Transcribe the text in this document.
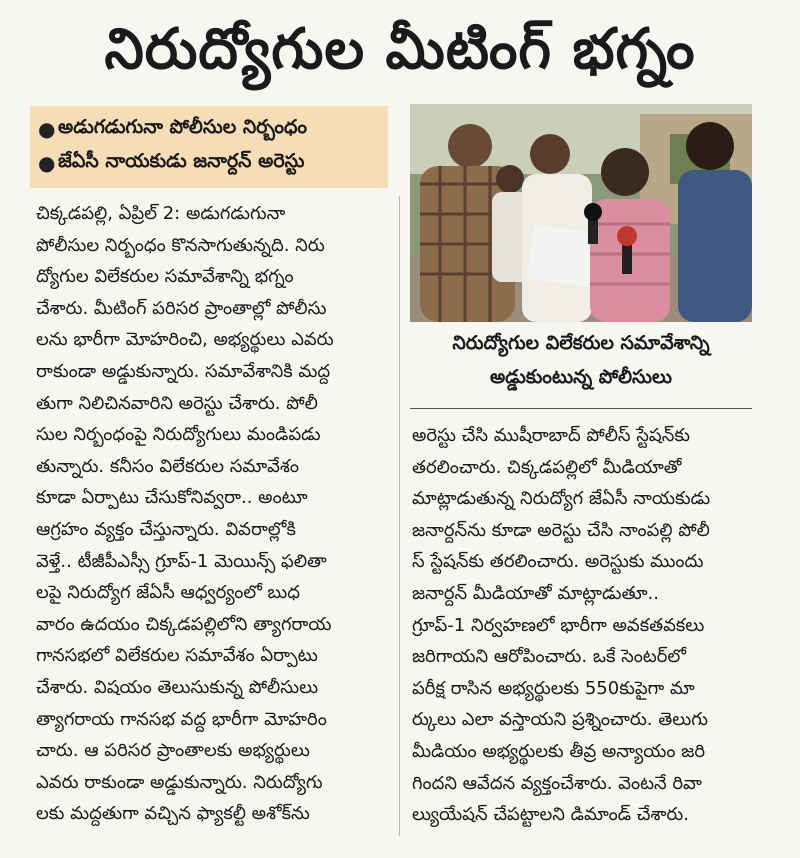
నిరుద్యోగుల మీటింగ్ భగ్నం
● అడుగడుగునా పోలీసుల నిర్బంధం
● జేఏసీ నాయకుడు జనార్దన్ అరెస్టు
నిరుద్యోగుల విలేకరుల సమావేశాన్ని
అడ్డుకుంటున్న పోలీసులు
చిక్కడపల్లి, ఏప్రిల్ 2: అడుగడుగునా
పోలీసుల నిర్బంధం కొనసాగుతున్నది. నిరు
ద్యోగుల విలేకరుల సమావేశాన్ని భగ్నం
చేశారు. మీటింగ్ పరిసర ప్రాంతాల్లో పోలీసు
లను భారీగా మోహరించి, అభ్యర్థులు ఎవరు
రాకుండా అడ్డుకున్నారు. సమావేశానికి మద్ద
తుగా నిలిచినవారిని అరెస్టు చేశారు. పోలీ
సుల నిర్బంధంపై నిరుద్యోగులు మండిపడు
తున్నారు. కనీసం విలేకరుల సమావేశం
కూడా ఏర్పాటు చేసుకోనివ్వరా.. అంటూ
ఆగ్రహం వ్యక్తం చేస్తున్నారు. వివరాల్లోకి
వెళ్తే.. టీజీపీఎస్సీ గ్రూప్-1 మెయిన్స్ ఫలితా
లపై నిరుద్యోగ జేఏసీ ఆధ్వర్యంలో బుధ
వారం ఉదయం చిక్కడపల్లిలోని త్యాగరాయ
గానసభలో విలేకరుల సమావేశం ఏర్పాటు
చేశారు. విషయం తెలుసుకున్న పోలీసులు
త్యాగరాయ గానసభ వద్ద భారీగా మోహరిం
చారు. ఆ పరిసర ప్రాంతాలకు అభ్యర్థులు
ఎవరు రాకుండా అడ్డుకున్నారు. నిరుద్యోగు
లకు మద్దతుగా వచ్చిన ఫ్యాకల్టీ అశోక్‌ను
అరెస్టు చేసి ముషీరాబాద్ పోలీస్ స్టేషన్‌కు
తరలించారు. చిక్కడపల్లిలో మీడియాతో
మాట్లాడుతున్న నిరుద్యోగ జేఏసీ నాయకుడు
జనార్దన్‌ను కూడా అరెస్టు చేసి నాంపల్లి పోలీ
స్ స్టేషన్‌కు తరలించారు. అరెస్టుకు ముందు
జనార్దన్ మీడియాతో మాట్లాడుతూ..
గ్రూప్-1 నిర్వహణలో భారీగా అవకతవకలు
జరిగాయని ఆరోపించారు. ఒకే సెంటర్‌లో
పరీక్ష రాసిన అభ్యర్థులకు 550కుపైగా మా
ర్కులు ఎలా వస్తాయని ప్రశ్నించారు. తెలుగు
మీడియం అభ్యర్థులకు తీవ్ర అన్యాయం జరి
గిందని ఆవేదన వ్యక్తంచేశారు. వెంటనే రివా
ల్యుయేషన్ చేపట్టాలని డిమాండ్ చేశారు.
